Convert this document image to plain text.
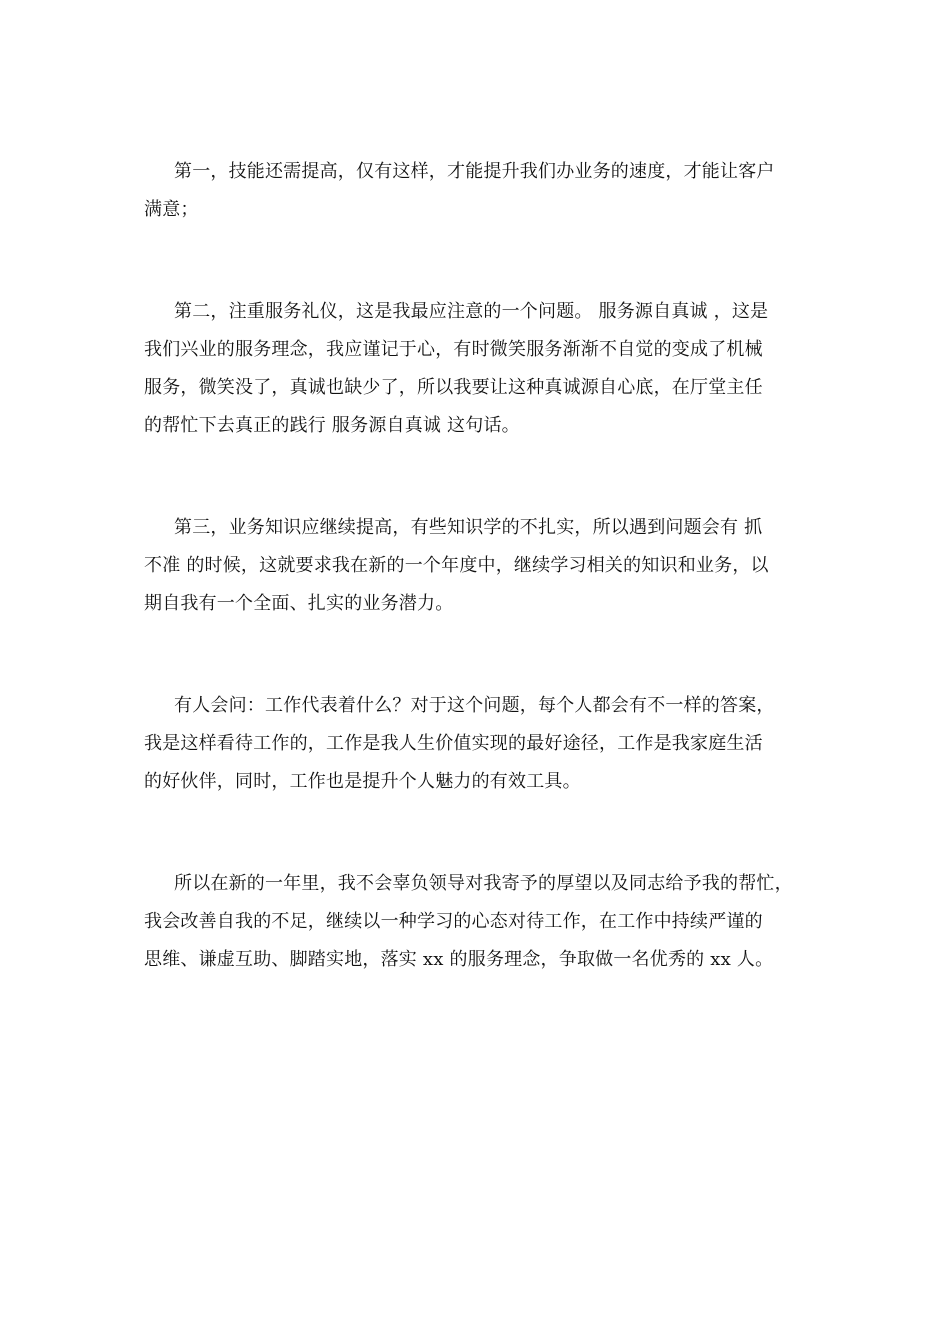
第一，技能还需提高，仅有这样，才能提升我们办业务的速度，才能让客户
满意；
第二，注重服务礼仪，这是我最应注意的一个问题。 服务源自真诚 ，这是
我们兴业的服务理念，我应谨记于心，有时微笑服务渐渐不自觉的变成了机械
服务，微笑没了，真诚也缺少了，所以我要让这种真诚源自心底，在厅堂主任
的帮忙下去真正的践行 服务源自真诚 这句话。
第三，业务知识应继续提高，有些知识学的不扎实，所以遇到问题会有 抓
不准 的时候，这就要求我在新的一个年度中，继续学习相关的知识和业务，以
期自我有一个全面、扎实的业务潜力。
有人会问：工作代表着什么？对于这个问题，每个人都会有不一样的答案，
我是这样看待工作的，工作是我人生价值实现的最好途径，工作是我家庭生活
的好伙伴，同时，工作也是提升个人魅力的有效工具。
所以在新的一年里，我不会辜负领导对我寄予的厚望以及同志给予我的帮忙，
我会改善自我的不足，继续以一种学习的心态对待工作，在工作中持续严谨的
思维、谦虚互助、脚踏实地，落实 xx 的服务理念，争取做一名优秀的 xx 人。
